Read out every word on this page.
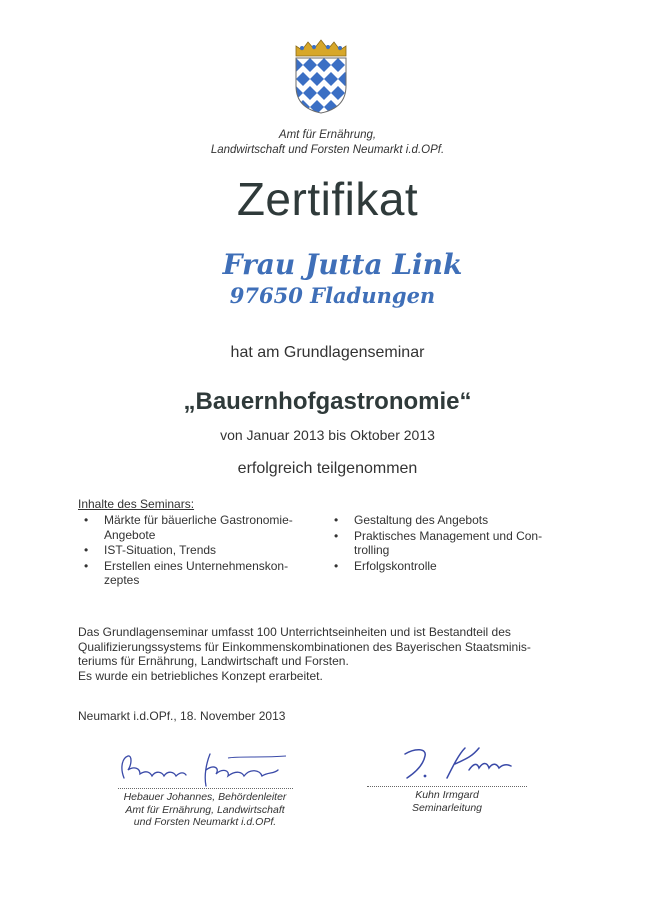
Amt für Ernährung,
Landwirtschaft und Forsten Neumarkt i.d.OPf.
Zertifikat
Frau Jutta Link
97650 Fladungen
hat am Grundlagenseminar
„Bauernhofgastronomie“
von Januar 2013 bis Oktober 2013
erfolgreich teilgenommen
Inhalte des Seminars:
• Märkte für bäuerliche Gastronomie-
Angebote
• IST-Situation, Trends
• Erstellen eines Unternehmenskon-
zeptes
• Gestaltung des Angebots
• Praktisches Management und Con-
trolling
• Erfolgskontrolle

Das Grundlagenseminar umfasst 100 Unterrichtseinheiten und ist Bestandteil des

Qualifizierungssystems für Einkommenskombinationen des Bayerischen Staatsminis-

teriums für Ernährung, Landwirtschaft und Forsten.

Es wurde ein betriebliches Konzept erarbeitet.

Neumarkt i.d.OPf., 18. November 2013
Hebauer Johannes, Behördenleiter
Amt für Ernährung, Landwirtschaft
und Forsten Neumarkt i.d.OPf.
Kuhn Irmgard
Seminarleitung
